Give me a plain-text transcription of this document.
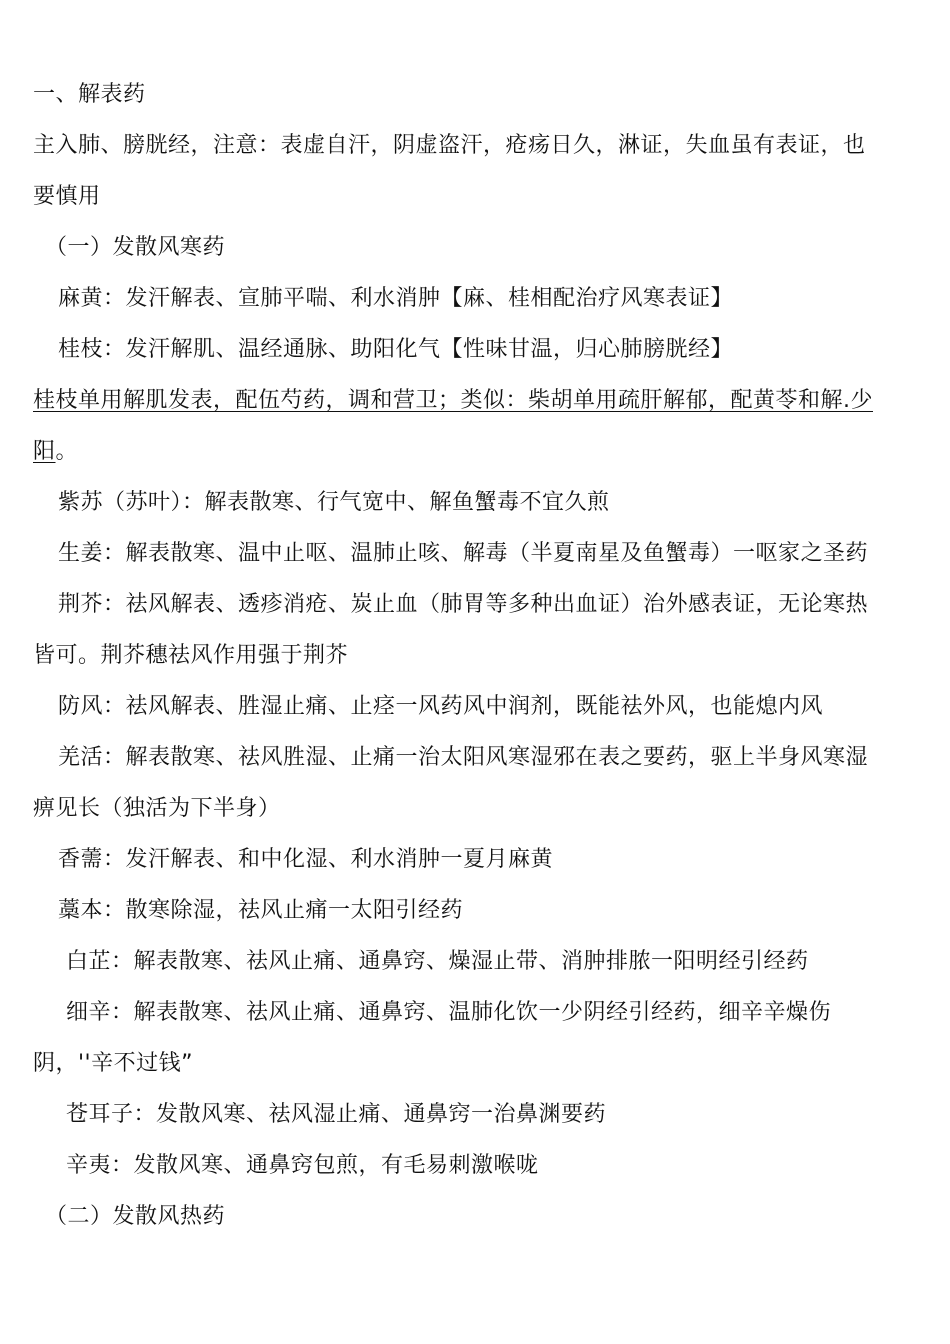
一、解表药
主入肺、膀胱经，注意：表虚自汗，阴虚盗汗，疮疡日久，淋证，失血虽有表证，也
要慎用
（一）发散风寒药
麻黄：发汗解表、宣肺平喘、利水消肿【麻、桂相配治疗风寒表证】
桂枝：发汗解肌、温经通脉、助阳化气【性味甘温，归心肺膀胱经】
桂枝单用解肌发表，配伍芍药，调和营卫；类似：柴胡单用疏肝解郁，配黄苓和解.少
阳。
紫苏（苏叶）：解表散寒、行气宽中、解鱼蟹毒不宜久煎
生姜：解表散寒、温中止呕、温肺止咳、解毒（半夏南星及鱼蟹毒）一呕家之圣药
荆芥：祛风解表、透疹消疮、炭止血（肺胃等多种出血证）治外感表证，无论寒热
皆可。荆芥穗祛风作用强于荆芥
防风：祛风解表、胜湿止痛、止痉一风药风中润剂，既能祛外风，也能熄内风
羌活：解表散寒、祛风胜湿、止痛一治太阳风寒湿邪在表之要药，驱上半身风寒湿
痹见长（独活为下半身）
香薷：发汗解表、和中化湿、利水消肿一夏月麻黄
藁本：散寒除湿，祛风止痛一太阳引经药
白芷：解表散寒、祛风止痛、通鼻窍、燥湿止带、消肿排脓一阳明经引经药
细辛：解表散寒、祛风止痛、通鼻窍、温肺化饮一少阴经引经药，细辛辛燥伤
阴，''辛不过钱”
苍耳子：发散风寒、祛风湿止痛、通鼻窍一治鼻渊要药
辛夷：发散风寒、通鼻窍包煎，有毛易刺激喉咙
（二）发散风热药
